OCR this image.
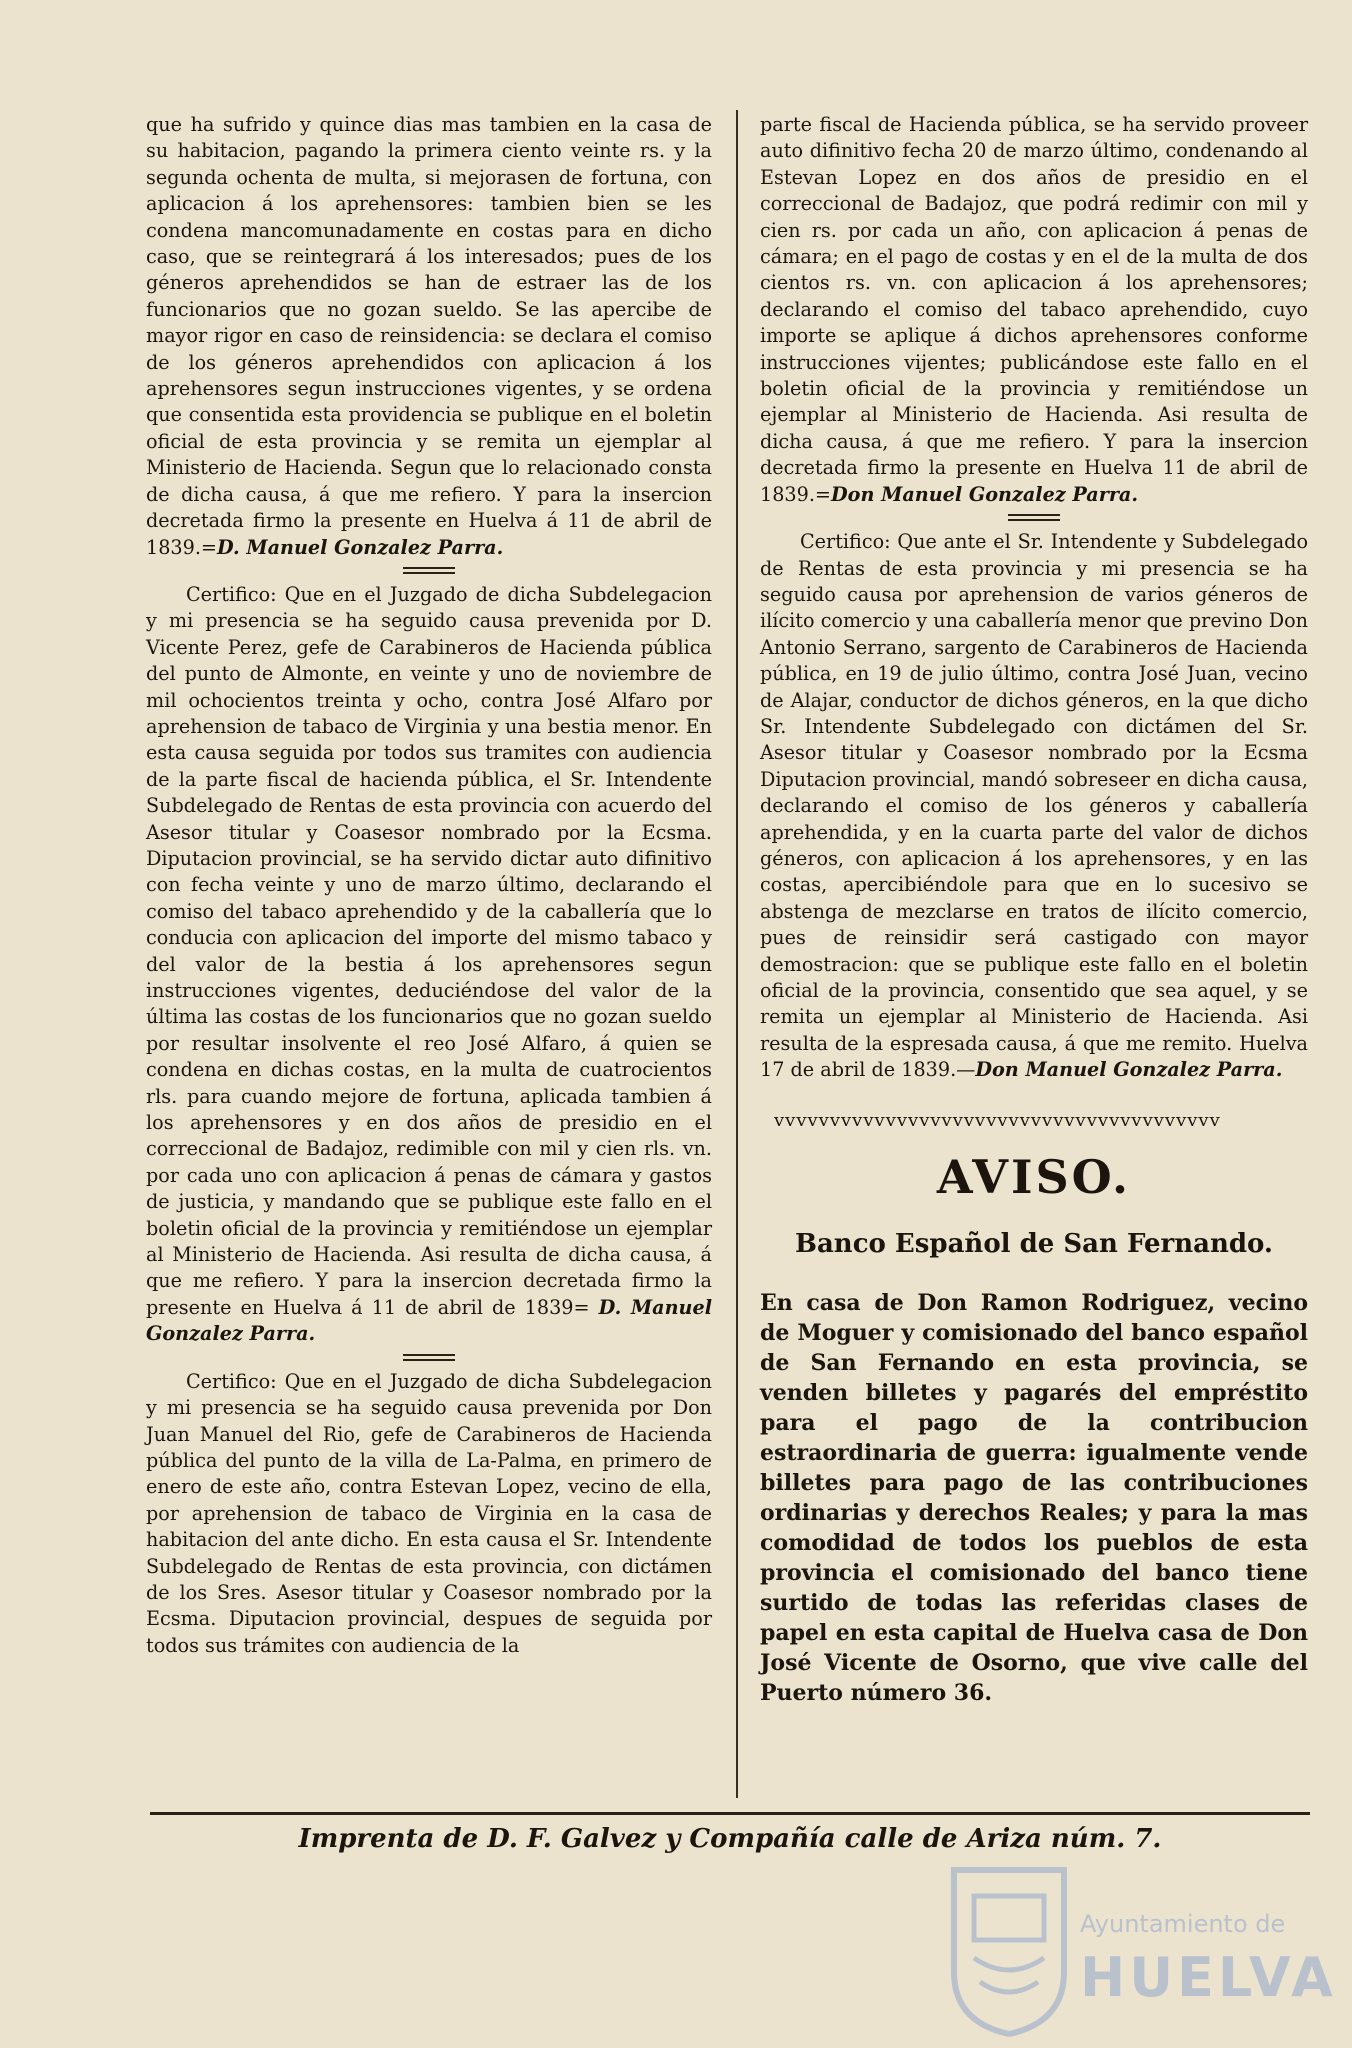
que ha sufrido y quince dias mas tambien en la casa de su habitacion, pagando la primera ciento veinte rs. y la segunda ochenta de multa, si mejorasen de fortuna, con aplicacion á los aprehensores: tambien bien se les condena mancomunadamente en costas para en dicho caso, que se reintegrará á los interesados; pues de los géneros aprehendidos se han de estraer las de los funcionarios que no gozan sueldo. Se las apercibe de mayor rigor en caso de reinsidencia: se declara el comiso de los géneros aprehendidos con aplicacion á los aprehensores segun instrucciones vigentes, y se ordena que consentida esta providencia se publique en el boletin oficial de esta provincia y se remita un ejemplar al Ministerio de Hacienda. Segun que lo relacionado consta de dicha causa, á que me refiero. Y para la insercion decretada firmo la presente en Huelva á 11 de abril de 1839.=D. Manuel Gonzalez Parra.

Certifico: Que en el Juzgado de dicha Subdelegacion y mi presencia se ha seguido causa prevenida por D. Vicente Perez, gefe de Carabineros de Hacienda pública del punto de Almonte, en veinte y uno de noviembre de mil ochocientos treinta y ocho, contra José Alfaro por aprehension de tabaco de Virginia y una bestia menor. En esta causa seguida por todos sus tramites con audiencia de la parte fiscal de hacienda pública, el Sr. Intendente Subdelegado de Rentas de esta provincia con acuerdo del Asesor titular y Coasesor nombrado por la Ecsma. Diputacion provincial, se ha servido dictar auto difinitivo con fecha veinte y uno de marzo último, declarando el comiso del tabaco aprehendido y de la caballería que lo conducia con aplicacion del importe del mismo tabaco y del valor de la bestia á los aprehensores segun instrucciones vigentes, deduciéndose del valor de la última las costas de los funcionarios que no gozan sueldo por resultar insolvente el reo José Alfaro, á quien se condena en dichas costas, en la multa de cuatrocientos rls. para cuando mejore de fortuna, aplicada tambien á los aprehensores y en dos años de presidio en el correccional de Badajoz, redimible con mil y cien rls. vn. por cada uno con aplicacion á penas de cámara y gastos de justicia, y mandando que se publique este fallo en el boletin oficial de la provincia y remitiéndose un ejemplar al Ministerio de Hacienda. Asi resulta de dicha causa, á que me refiero. Y para la insercion decretada firmo la presente en Huelva á 11 de abril de 1839= D. Manuel Gonzalez Parra.

Certifico: Que en el Juzgado de dicha Subdelegacion y mi presencia se ha seguido causa prevenida por Don Juan Manuel del Rio, gefe de Carabineros de Hacienda pública del punto de la villa de La-Palma, en primero de enero de este año, contra Estevan Lopez, vecino de ella, por aprehension de tabaco de Virginia en la casa de habitacion del ante dicho. En esta causa el Sr. Intendente Subdelegado de Rentas de esta provincia, con dictámen de los Sres. Asesor titular y Coasesor nombrado por la Ecsma. Diputacion provincial, despues de seguida por todos sus trámites con audiencia de la

parte fiscal de Hacienda pública, se ha servido proveer auto difinitivo fecha 20 de marzo último, condenando al Estevan Lopez en dos años de presidio en el correccional de Badajoz, que podrá redimir con mil y cien rs. por cada un año, con aplicacion á penas de cámara; en el pago de costas y en el de la multa de dos cientos rs. vn. con aplicacion á los aprehensores; declarando el comiso del tabaco aprehendido, cuyo importe se aplique á dichos aprehensores conforme instrucciones vijentes; publicándose este fallo en el boletin oficial de la provincia y remitiéndose un ejemplar al Ministerio de Hacienda. Asi resulta de dicha causa, á que me refiero. Y para la insercion decretada firmo la presente en Huelva 11 de abril de 1839.=Don Manuel Gonzalez Parra.

Certifico: Que ante el Sr. Intendente y Subdelegado de Rentas de esta provincia y mi presencia se ha seguido causa por aprehension de varios géneros de ilícito comercio y una caballería menor que previno Don Antonio Serrano, sargento de Carabineros de Hacienda pública, en 19 de julio último, contra José Juan, vecino de Alajar, conductor de dichos géneros, en la que dicho Sr. Intendente Subdelegado con dictámen del Sr. Asesor titular y Coasesor nombrado por la Ecsma Diputacion provincial, mandó sobreseer en dicha causa, declarando el comiso de los géneros y caballería aprehendida, y en la cuarta parte del valor de dichos géneros, con aplicacion á los aprehensores, y en las costas, apercibiéndole para que en lo sucesivo se abstenga de mezclarse en tratos de ilícito comercio, pues de reinsidir será castigado con mayor demostracion: que se publique este fallo en el boletin oficial de la provincia, consentido que sea aquel, y se remita un ejemplar al Ministerio de Hacienda. Asi resulta de la espresada causa, á que me remito. Huelva 17 de abril de 1839.—Don Manuel Gonzalez Parra.

vvvvvvvvvvvvvvvvvvvvvvvvvvvvvvvvvvvvvvvv
AVISO.
Banco Español de San Fernando.

En casa de Don Ramon Rodriguez, vecino de Moguer y comisionado del banco español de San Fernando en esta provincia, se venden billetes y pagarés del empréstito para el pago de la contribucion estraordinaria de guerra: igualmente vende billetes para pago de las contribuciones ordinarias y derechos Reales; y para la mas comodidad de todos los pueblos de esta provincia el comisionado del banco tiene surtido de todas las referidas clases de papel en esta capital de Huelva casa de Don José Vicente de Osorno, que vive calle del Puerto número 36.

Imprenta de D. F. Galvez y Compañía calle de Ariza núm. 7.
Ayuntamiento de
HUELVA
